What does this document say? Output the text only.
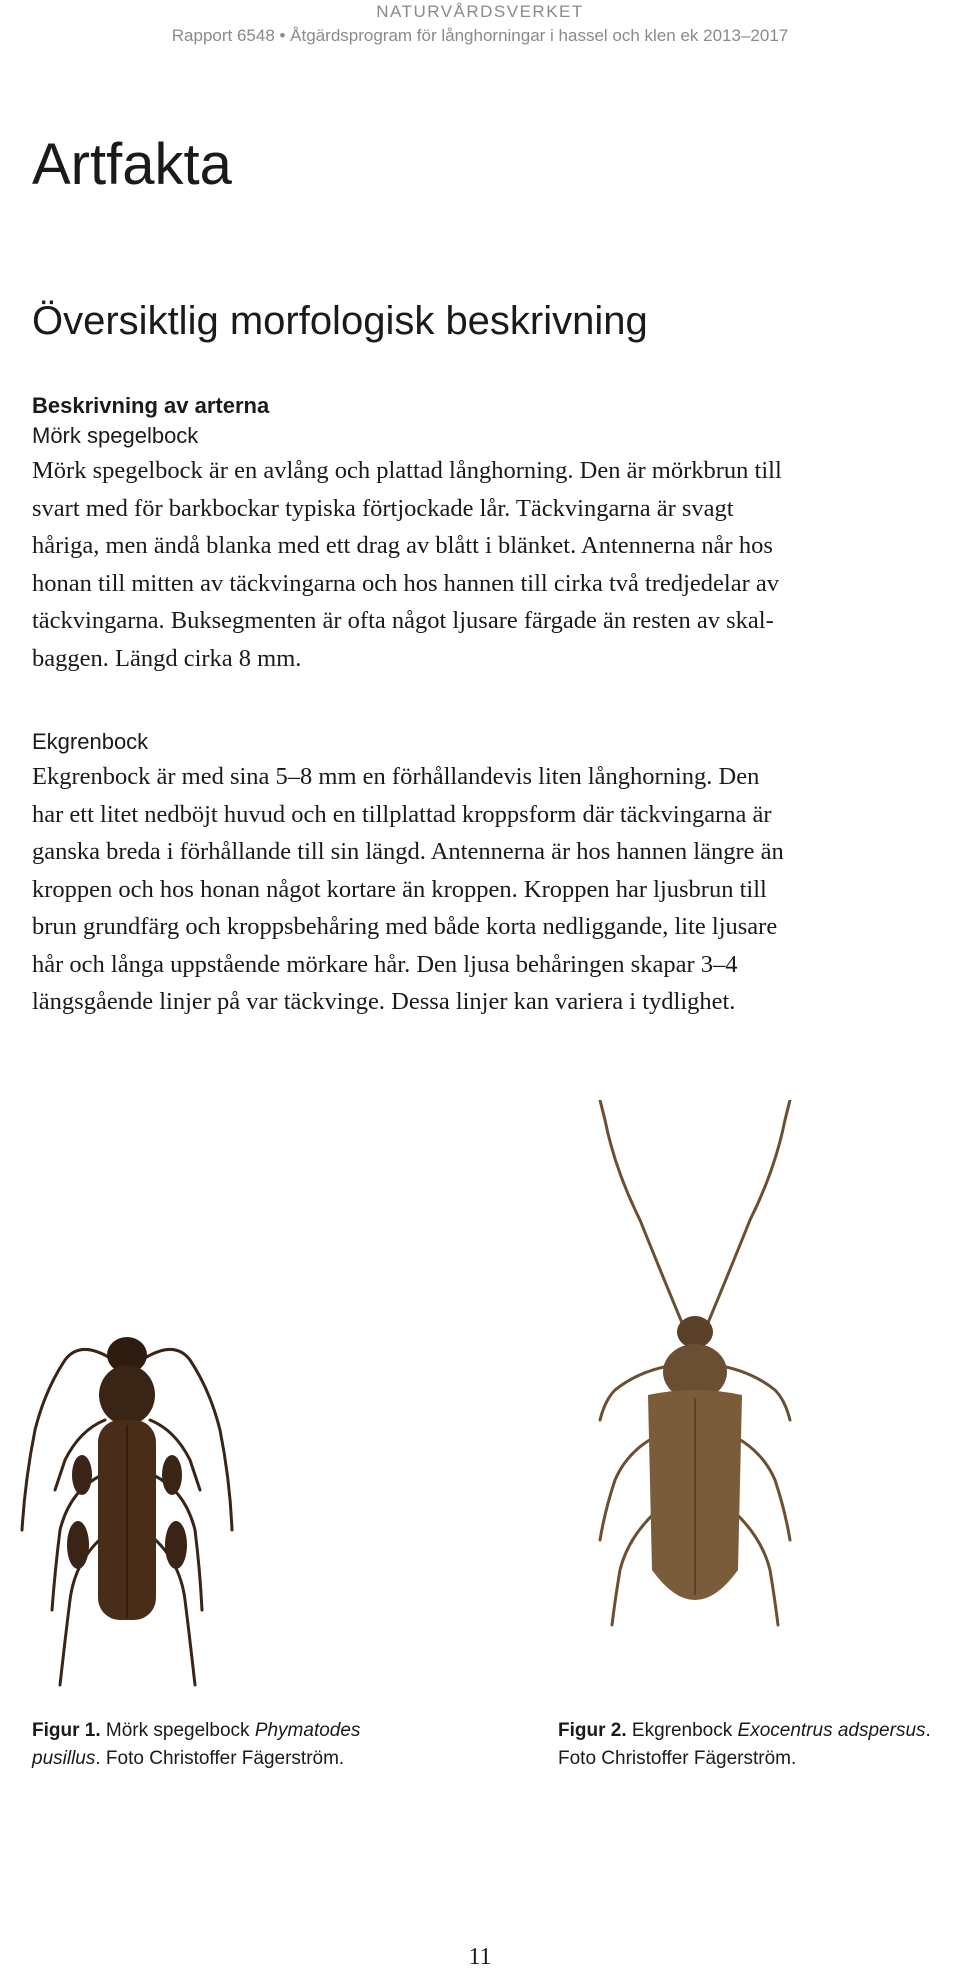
NATURVÅRDSVERKET
Rapport 6548 • Åtgärdsprogram för långhorningar i hassel och klen ek 2013–2017
Artfakta
Översiktlig morfologisk beskrivning
Beskrivning av arterna
Mörk spegelbock
Mörk spegelbock är en avlång och plattad långhorning. Den är mörkbrun till
svart med för barkbockar typiska förtjockade lår. Täckvingarna är svagt
håriga, men ändå blanka med ett drag av blått i blänket. Antennerna når hos
honan till mitten av täckvingarna och hos hannen till cirka två tredjedelar av
täckvingarna. Buksegmenten är ofta något ljusare färgade än resten av skal-
baggen. Längd cirka 8 mm.
Ekgrenbock
Ekgrenbock är med sina 5–8 mm en förhållandevis liten långhorning. Den
har ett litet nedböjt huvud och en tillplattad kroppsform där täckvingarna är
ganska breda i förhållande till sin längd. Antennerna är hos hannen längre än
kroppen och hos honan något kortare än kroppen. Kroppen har ljusbrun till
brun grundfärg och kroppsbehåring med både korta nedliggande, lite ljusare
hår och långa uppstående mörkare hår. Den ljusa behåringen skapar 3–4
längsgående linjer på var täckvinge. Dessa linjer kan variera i tydlighet.

Figur 1. Mörk spegelbock Phymatodes
pusillus. Foto Christoffer Fägerström.

Figur 2. Ekgrenbock Exocentrus adspersus.
Foto Christoffer Fägerström.

11
